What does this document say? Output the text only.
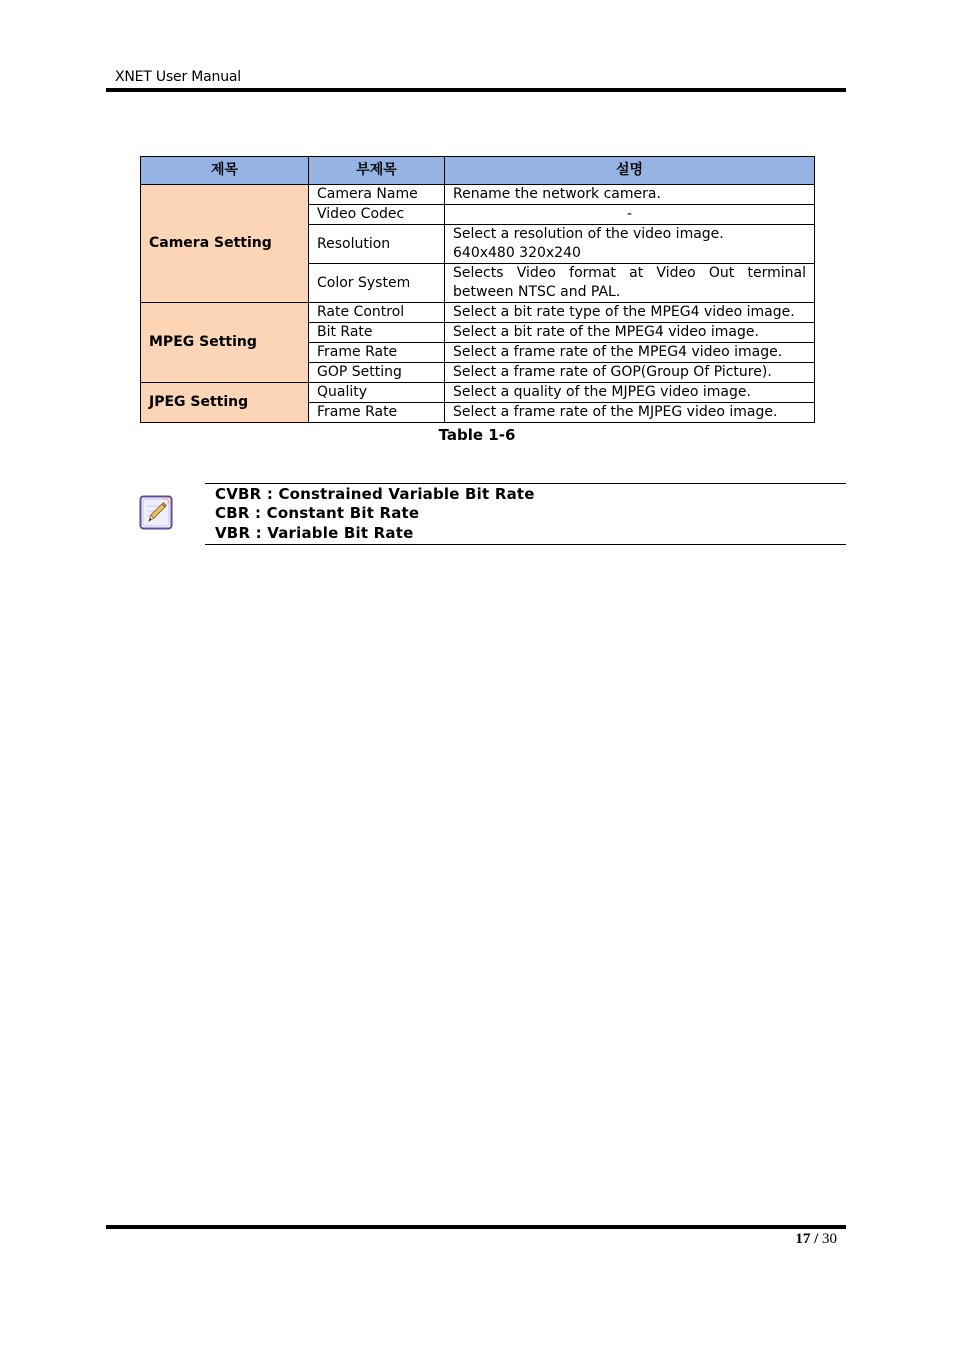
XNET User Manual
제목	부제목	설명
Camera Setting	Camera Name	Rename the network camera.
	Video Codec	-
	Resolution	Select a resolution of the video image.
640x480 320x240

	Color System	Selects Video format at Video Out terminal
between NTSC and PAL.

MPEG Setting	Rate Control	Select a bit rate type of the MPEG4 video image.
	Bit Rate	Select a bit rate of the MPEG4 video image.
	Frame Rate	Select a frame rate of the MPEG4 video image.
	GOP Setting	Select a frame rate of GOP(Group Of Picture).
JPEG Setting	Quality	Select a quality of the MJPEG video image.
	Frame Rate	Select a frame rate of the MJPEG video image.
Table 1-6
CVBR : Constrained Variable Bit Rate
CBR : Constant Bit Rate
VBR : Variable Bit Rate
17 / 30
